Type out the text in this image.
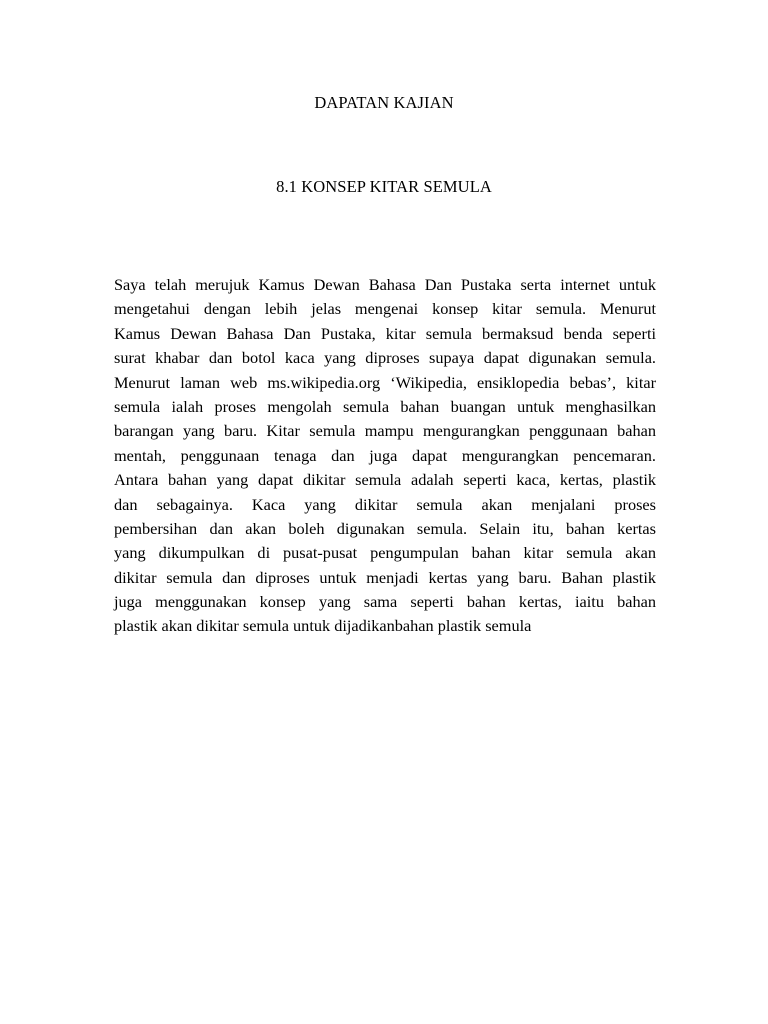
DAPATAN KAJIAN
8.1 KONSEP KITAR SEMULA
Saya telah merujuk Kamus Dewan Bahasa Dan Pustaka serta internet untuk
mengetahui dengan lebih jelas mengenai konsep kitar semula. Menurut
Kamus Dewan Bahasa Dan Pustaka, kitar semula bermaksud benda seperti
surat khabar dan botol kaca yang diproses supaya dapat digunakan semula.
Menurut laman web ms.wikipedia.org ‘Wikipedia, ensiklopedia bebas’, kitar
semula ialah proses mengolah semula bahan buangan untuk menghasilkan
barangan yang baru. Kitar semula mampu mengurangkan penggunaan bahan
mentah, penggunaan tenaga dan juga dapat mengurangkan pencemaran.
Antara bahan yang dapat dikitar semula adalah seperti kaca, kertas, plastik
dan sebagainya. Kaca yang dikitar semula akan menjalani proses
pembersihan dan akan boleh digunakan semula. Selain itu, bahan kertas
yang dikumpulkan di pusat-pusat pengumpulan bahan kitar semula akan
dikitar semula dan diproses untuk menjadi kertas yang baru. Bahan plastik
juga menggunakan konsep yang sama seperti bahan kertas, iaitu bahan
plastik akan dikitar semula untuk dijadikanbahan plastik semula
